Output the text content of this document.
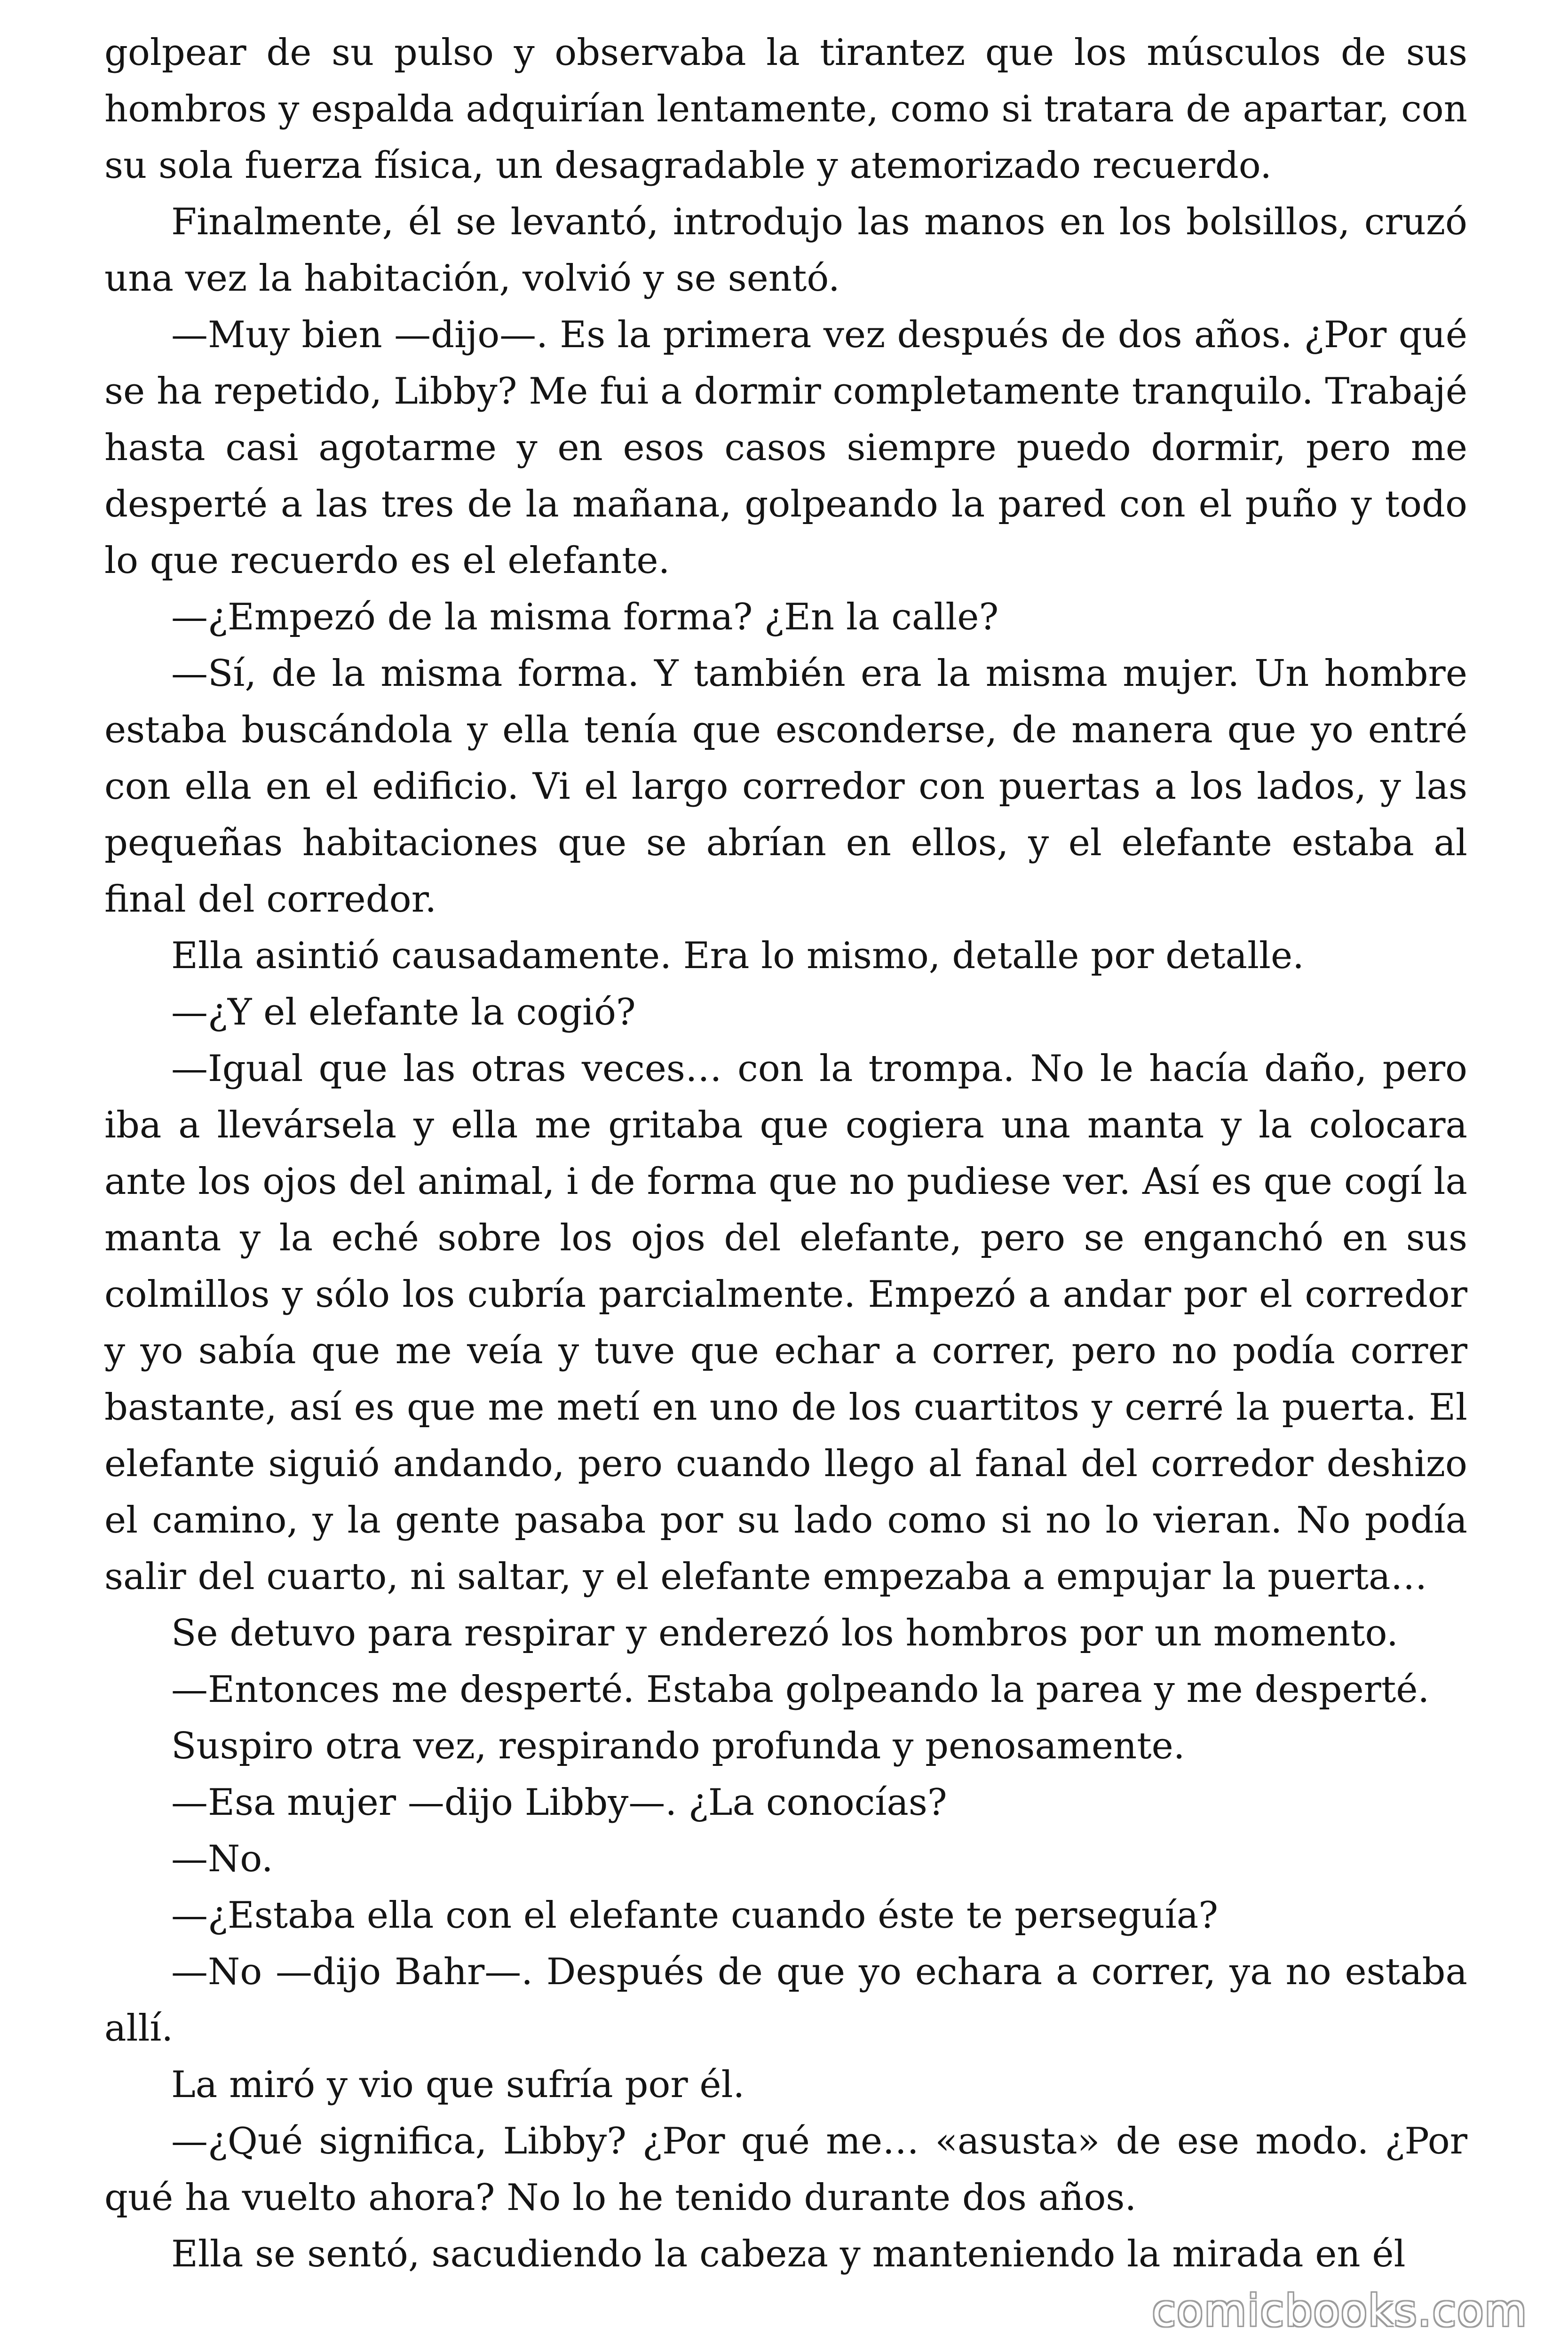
golpear de su pulso y observaba la tirantez que los músculos de sus hombros y espalda adquirían lentamente, como si tratara de apartar, con su sola fuerza física, un desagradable y atemorizado recuerdo.

Finalmente, él se levantó, introdujo las manos en los bolsillos, cruzó una vez la habitación, volvió y se sentó.

—Muy bien —dijo—. Es la primera vez después de dos años. ¿Por qué se ha repetido, Libby? Me fui a dormir completamente tranquilo. Trabajé hasta casi agotarme y en esos casos siempre puedo dormir, pero me desperté a las tres de la mañana, golpeando la pared con el puño y todo lo que recuerdo es el elefante.

—¿Empezó de la misma forma? ¿En la calle?

—Sí, de la misma forma. Y también era la misma mujer. Un hombre estaba buscándola y ella tenía que esconderse, de manera que yo entré con ella en el edificio. Vi el largo corredor con puertas a los lados, y las pequeñas habitaciones que se abrían en ellos, y el elefante estaba al final del corredor.

Ella asintió causadamente. Era lo mismo, detalle por detalle.

—¿Y el elefante la cogió?

—Igual que las otras veces… con la trompa. No le hacía daño, pero iba a llevársela y ella me gritaba que cogiera una manta y la colocara ante los ojos del animal, i de forma que no pudiese ver. Así es que cogí la manta y la eché sobre los ojos del elefante, pero se enganchó en sus colmillos y sólo los cubría parcialmente. Empezó a andar por el corredor y yo sabía que me veía y tuve que echar a correr, pero no podía correr bastante, así es que me metí en uno de los cuartitos y cerré la puerta. El elefante siguió andando, pero cuando llego al fanal del corredor deshizo el camino, y la gente pasaba por su lado como si no lo vieran. No podía salir del cuarto, ni saltar, y el elefante empezaba a empujar la puerta…

Se detuvo para respirar y enderezó los hombros por un momento.

—Entonces me desperté. Estaba golpeando la parea y me desperté.

Suspiro otra vez, respirando profunda y penosamente.

—Esa mujer —dijo Libby—. ¿La conocías?

—No.

—¿Estaba ella con el elefante cuando éste te perseguía?

—No —dijo Bahr—. Después de que yo echara a correr, ya no estaba allí.

La miró y vio que sufría por él.

—¿Qué significa, Libby? ¿Por qué me… «asusta» de ese modo. ¿Por qué ha vuelto ahora? No lo he tenido durante dos años.

Ella se sentó, sacudiendo la cabeza y manteniendo la mirada en él

comicbooks.com
